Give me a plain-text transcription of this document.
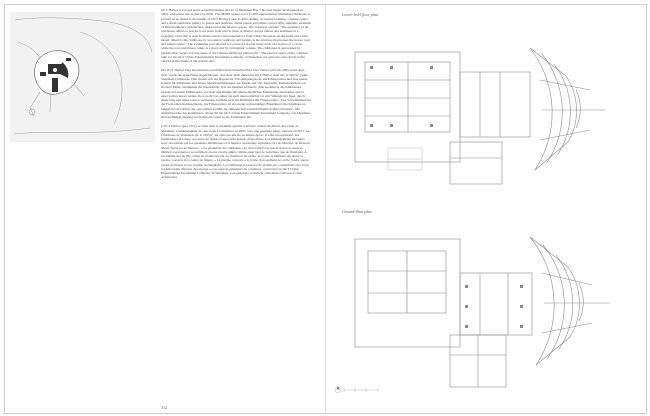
OCT Harbor is located in the seventh business district of Shenzhen Bay. This area began development in 2005, with phase one in place by 2010. The 38,663 square-foot (11,000 square-metre) Shenzhen Clubhouse is located on an island to the middle of OCT Harbor Lake. It offers dining, recreation facilities, a fitness centre and a small exhibition gallery to guests and residents. Metal panels and ample curved light, signature elements of Richard Meier's architecture, characterise the interior spaces. The architects explain: "The geometry of the clubhouse reflects a precise focal point from which, three of distinct spaces radiate and terminate in a sweeping curve that is seen from the exterior and experienced from within the space. At the south end of the island, linked to the clubhouse by an outdoor walkway and garden, is the structure that houses the indoor pool and fitness centre." The swimming pool allotted to is resolved in plan in the form of a section of a circle, while the pool and fitness centre is a more strictly rectangular volume. The clubhouse is surrounded by gardens that "create a strong sense of the Chinese landscape philosophy." The exterior space of the complex, built for the OCT Urban Entertainment Investment Company of Shenzhen, are generous and clearly invite visitors in the theme of the architecture.

Der OCT Harbor liegt im zentralen Geschäftsviertel Shenzhen Bay. Das Viertel wird seit 2005 entwickelt, 2011 wurde die erste Phase abgeschlossen. Auf einer Insel mitten im OCT Harbor steht das 11.000 m² große Shenzhen Clubhouse. Hier finden sich ein Restaurant, Erholungsangebote, ein Fitnesscenter und eine kleine Galerie für Mitglieder und Gäste. Metallverkleidungen aus Metall und viel Tageslicht, Markenzeichen von Richard Meier, bestimmen die Innenräume. Wie Architekten erläutern: „Die Geometrie des Klubhauses besteht auf einem Mittelpunkt, von dem drei Räume mit unterschiedlichen Funktionen ausstrahlen und in einer weiten Kurve enden, die sowohl von außen als auch innen erlebbar ist. Am Südende der Insel, durch einen Weg und einen Garten verbunden, befindet sich das Hallenbad mit Fitnesscenter.“ Das Schwimmbad hat die Form eines Kreissegments, das Fitnesscenter ist ein streng rechtwinkliger Baukörper. Das Klubhaus ist umgeben von Gärten, die „ein starkes Gefühl der chinesischen Landschaftsphilosophie erzeugen“. Die Außenbereiche des Komplexes, erbaut für die OCT Urban Entertainment Investment Company von Shenzhen, sind großzügig angelegt und laden die Gäste in die Architektur ein.

L'OCT Harbor (port OCT) se situe dans le septième quartier d'affaires central du district de la baie de Shenzhen. L'aménagement de cette zone a commencé en 2005, avec une première phase achevée en 2011. Le Clubhouse de Shenzhen, de 11 000 m², est situé sur une île au milieu du lac. Il offre un restaurant, des installations de loisirs, un centre de fitness et une petite galerie d'exposition. Les aménagements intérieurs sont caractérisés par les panneaux métalliques et la lumière abondante, signatures de l'architecture de Richard Meier. Selon les architectes : « La géométrie du Clubhouse part d'un point focal précis d'où trois espaces distincts rayonnent et se terminent en une courbe ample visible aussi bien de l'extérieur que de l'intérieur. À l'extrémité sud de l'île, reliée au Clubhouse par un chemin et un jardin, se trouve le bâtiment qui abrite la piscine couverte et le centre de fitness. » La piscine couverte a la forme d'un segment de cercle, tandis que le centre de fitness est un volume rectangulaire. Le Clubhouse est entouré de jardins qui « expriment avec force la philosophie chinoise du paysage ». Les espaces extérieurs du complexe, construit pour OCT Urban Entertainment Investment Company de Shenzhen, sont généreux et invitent clairement à découvrir cette architecture.

312
Lower-level floor plan
Ground-floor plan
